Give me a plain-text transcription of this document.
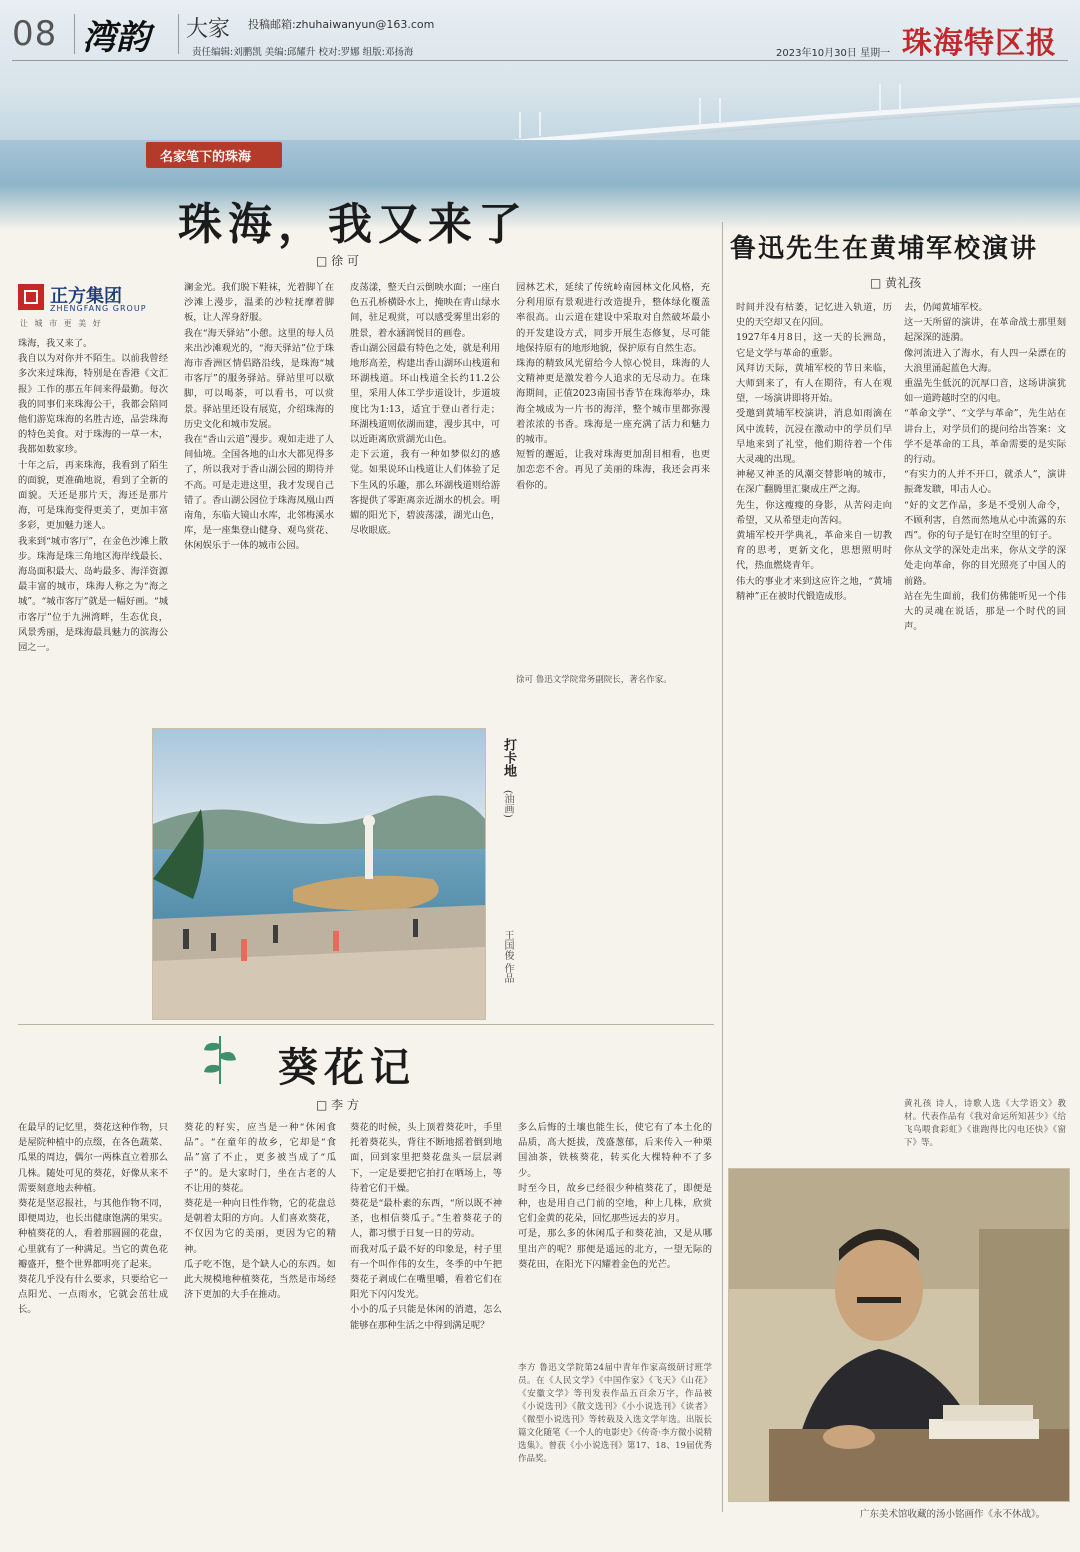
08 湾韵 大家 投稿邮箱:zhuhaiwanyun@163.com
责任编辑:刘鹏凯 美编:邱耀升 校对:罗娜 组版:邓扬海	2023年10月30日 星期一 珠海特区报
名家笔下的珠海
珠海，我又来了
□ 徐 可
正方集团
ZHENGFANG GROUP
让 城 市 更 美 好
珠海，我又来了。
我自以为对你并不陌生。以前我曾经多次来过珠海，特别是在香港《文汇报》工作的那五年间来得最勤。每次我的同事们来珠海公干，我都会陪同他们游览珠海的名胜古迹，品尝珠海的特色美食。对于珠海的一草一木，我都如数家珍。
十年之后，再来珠海，我看到了陌生的面貌，更准确地说，看到了全新的面貌。天还是那片天，海还是那片海，可是珠海变得更美了，更加丰富多彩，更加魅力迷人。
我来到“城市客厅”，在金色沙滩上散步。珠海是珠三角地区海岸线最长、海岛面积最大、岛屿最多、海洋资源最丰富的城市，珠海人称之为“海之城”。“城市客厅”就是一幅好画。“城市客厅”位于九洲湾畔，生态优良，风景秀丽，是珠海最具魅力的滨海公园之一。
澜金光。我们脱下鞋袜，光着脚丫在沙滩上漫步，温柔的沙粒抚摩着脚板，让人浑身舒服。
我在“海天驿站”小憩。这里的每人员来出沙滩观光的，“海天驿站”位于珠海市香洲区情侣路沿线，是珠海“城市客厅”的服务驿站。驿站里可以歇脚，可以喝茶，可以看书，可以赏景。驿站里还设有展览，介绍珠海的历史文化和城市发展。
我在“香山云道”漫步。观如走进了人间仙境。全国各地的山水大都见得多了，所以我对于香山湖公园的期待并不高。可是走进这里，我才发现自己错了。香山湖公园位于珠海凤凰山西南角，东临大镜山水库，北邻梅溪水库，是一座集登山健身、观鸟赏花、休闲娱乐于一体的城市公园。
皮荡漾，整天白云倒映水面；一座白色五孔桥横卧水上，掩映在青山绿水间，驻足观赏，可以感受雾里出彩的胜景，着水涵润悦目的画卷。
香山湖公园最有特色之处，就是利用地形高差，构建出香山湖环山栈道和环湖栈道。环山栈道全长约11.2公里，采用人体工学步道设计，步道坡度比为1:13，适宜于登山者行走；环湖栈道则依湖而建，漫步其中，可以近距离欣赏湖光山色。
走下云道，我有一种如梦似幻的感觉。如果说环山栈道让人们体验了足下生风的乐趣，那么环湖栈道则给游客提供了零距离亲近湖水的机会。明媚的阳光下，碧波荡漾，湖光山色，尽收眼底。
园林艺术，延续了传统岭南园林文化风格，充分利用原有景观进行改造提升，整体绿化覆盖率很高。山云道在建设中采取对自然破坏最小的开发建设方式，同步开展生态修复，尽可能地保持原有的地形地貌，保护原有自然生态。
珠海的精致风光留给今人惊心悦目，珠海的人文精神更是激发着今人追求的无尽动力。在珠海期间，正值2023南国书香节在珠海举办，珠海全城成为一片书的海洋，整个城市里都弥漫着浓浓的书香。珠海是一座充满了活力和魅力的城市。
短暂的邂逅，让我对珠海更加刮目相看，也更加恋恋不舍。再见了美丽的珠海，我还会再来看你的。
徐可 鲁迅文学院常务副院长，著名作家。
打卡地
(油画)
王国俊 作品
鲁迅先生在黄埔军校演讲
□ 黄礼孩
时间并没有枯萎，记忆进入轨道，历史的天空却又在闪回。
1927年4月8日，这一天的长洲岛，它是文学与革命的重影。
风拜访天际，黄埔军校的节日来临，大师到来了，有人在期待，有人在观望，一场演讲即将开始。
受邀到黄埔军校演讲，消息如雨滴在风中流转，沉浸在激动中的学员们早早地来到了礼堂，他们期待着一个伟大灵魂的出现。
神秘又神圣的风潮交替影响的城市，在深广翻腾里汇聚成庄严之海。
先生，你这瘦瘦的身影，从苦闷走向希望，又从希望走向苦闷。
黄埔军校开学典礼，革命来自一切教育的思考，更新文化，思想照明时代，热血燃烧青年。
伟大的事业才来到这应许之地，“黄埔精神”正在被时代锻造成形。
去，仍闻黄埔军校。
这一天所留的演讲，在革命战士那里刻起深深的涟漪。
像河流进入了海水，有人四一朵漂在的大浪里涌起蓝色大海。
重温先生低沉的沉厚口音，这场讲演犹如一道跨越时空的闪电。
“革命文学”、“文学与革命”，先生站在讲台上，对学员们的提问给出答案：文学不是革命的工具，革命需要的是实际的行动。
“有实力的人并不开口，就杀人”，演讲振聋发聩，叩击人心。
“好的文艺作品，多是不受别人命令，不顾利害，自然而然地从心中流露的东西”。你的句子是钉在时空里的钉子。
你从文学的深处走出来，你从文学的深处走向革命，你的目光照亮了中国人的前路。
站在先生面前，我们仿佛能听见一个伟大的灵魂在说话，那是一个时代的回声。
黄礼孩 诗人，诗歌人选《大学语文》教材。代表作品有《我对命运所知甚少》《给飞鸟喂食彩虹》《谁跑得比闪电还快》《窗下》等。
广东美术馆收藏的汤小铭画作《永不休战》。
葵花记
□ 李 方
在最早的记忆里，葵花这种作物，只是屋院种植中的点缀，在各色蔬菜、瓜果的周边，偶尔一两株直立着那么几株。随处可见的葵花，好像从来不需要刻意地去种植。
葵花是坚忍报社，与其他作物不同，即便周边，也长出健康饱满的果实。种植葵花的人，看着那圆圆的花盘，心里就有了一种满足。当它的黄色花瓣盛开，整个世界都明亮了起来。
葵花几乎没有什么要求，只要给它一点阳光、一点雨水，它就会茁壮成长。
葵花的籽实，应当是一种“休闲食品”。“在童年的故乡，它却是“食品”富了不止，更多被当成了“瓜子”的。是大家时门，坐在古老的人不让用的葵花。
葵花是一种向日性作物，它的花盘总是朝着太阳的方向。人们喜欢葵花，不仅因为它的美丽，更因为它的精神。
瓜子吃不饱，是个缺人心的东西。如此大规模地种植葵花，当然是市场经济下更加的大手在推动。
葵花的时候，头上顶着葵花叶，手里托着葵花头，背往不断地摇着倒到地面，回到家里把葵花盘头一层层剥下，一定是要把它拍打在晒场上，等待着它们干燥。
葵花是“最朴素的东西，“所以既不神圣，也相信葵瓜子。”生着葵花子的人，都习惯于日复一日的劳动。
而我对瓜子最不好的印象是，村子里有一个叫作伟的女生，冬季的中午把葵花子剥成仁在嘴里嚼，看着它们在阳光下闪闪发光。
小小的瓜子只能是休闲的消遣，怎么能够在那种生活之中得到满足呢？
多么后悔的土壤也能生长，使它有了本土化的品质，高大挺拔，茂盛葱郁，后来传入一种栗国油茶，铁核葵花，转买化大棵特种不了多少。
时至今日，故乡已经很少种植葵花了，即便是种，也是用自己门前的空地，种上几株，欣赏它们金黄的花朵，回忆那些远去的岁月。
可是，那么多的休闲瓜子和葵花油，又是从哪里出产的呢？那便是遥远的北方，一望无际的葵花田，在阳光下闪耀着金色的光芒。
李方 鲁迅文学院第24届中青年作家高级研讨班学员。在《人民文学》《中国作家》《飞天》《山花》《安徽文学》等刊发表作品五百余万字，作品被《小说选刊》《散文选刊》《小小说选刊》《读者》《微型小说选刊》等转载及入选文学年选。出版长篇文化随笔《一个人的电影史》《传奇·李方微小说精选集》。曾获《小小说选刊》第17、18、19届优秀作品奖。
